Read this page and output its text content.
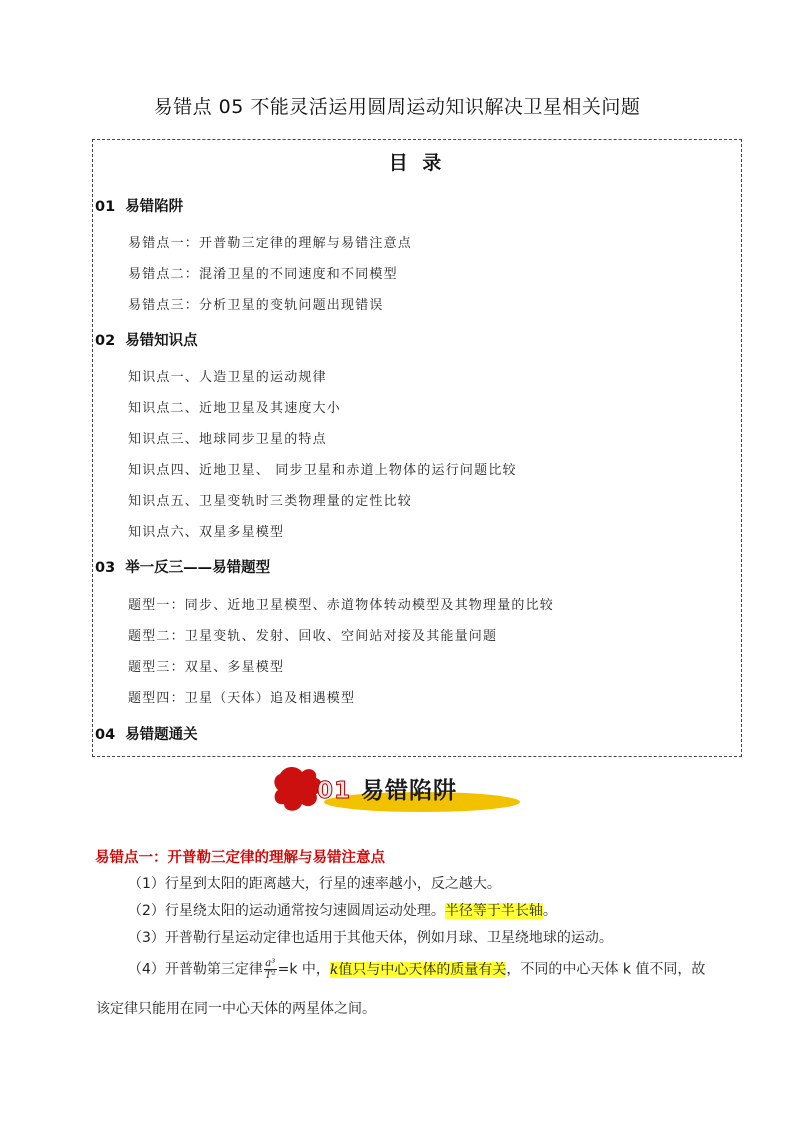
易错点 05 不能灵活运用圆周运动知识解决卫星相关问题
目 录
01 易错陷阱
易错点一：开普勒三定律的理解与易错注意点
易错点二：混淆卫星的不同速度和不同模型
易错点三：分析卫星的变轨问题出现错误
02 易错知识点
知识点一、人造卫星的运动规律
知识点二、近地卫星及其速度大小
知识点三、地球同步卫星的特点
知识点四、近地卫星、 同步卫星和赤道上物体的运行问题比较
知识点五、卫星变轨时三类物理量的定性比较
知识点六、双星多星模型
03 举一反三——易错题型
题型一：同步、近地卫星模型、赤道物体转动模型及其物理量的比较
题型二：卫星变轨、发射、回收、空间站对接及其能量问题
题型三：双星、多星模型
题型四：卫星（天体）追及相遇模型
04 易错题通关
01 易错陷阱
易错点一：开普勒三定律的理解与易错注意点
（1）行星到太阳的距离越大，行星的速率越小，反之越大。
（2）行星绕太阳的运动通常按匀速圆周运动处理。半径等于半长轴。
（3）开普勒行星运动定律也适用于其他天体，例如月球、卫星绕地球的运动。
（4）开普勒第三定律 $\frac{\text{a³}}{\text{T²}} =k$ 中，k值只与中心天体的质量有关，不同的中心天体 k 值不同，故
该定律只能用在同一中心天体的两星体之间。
